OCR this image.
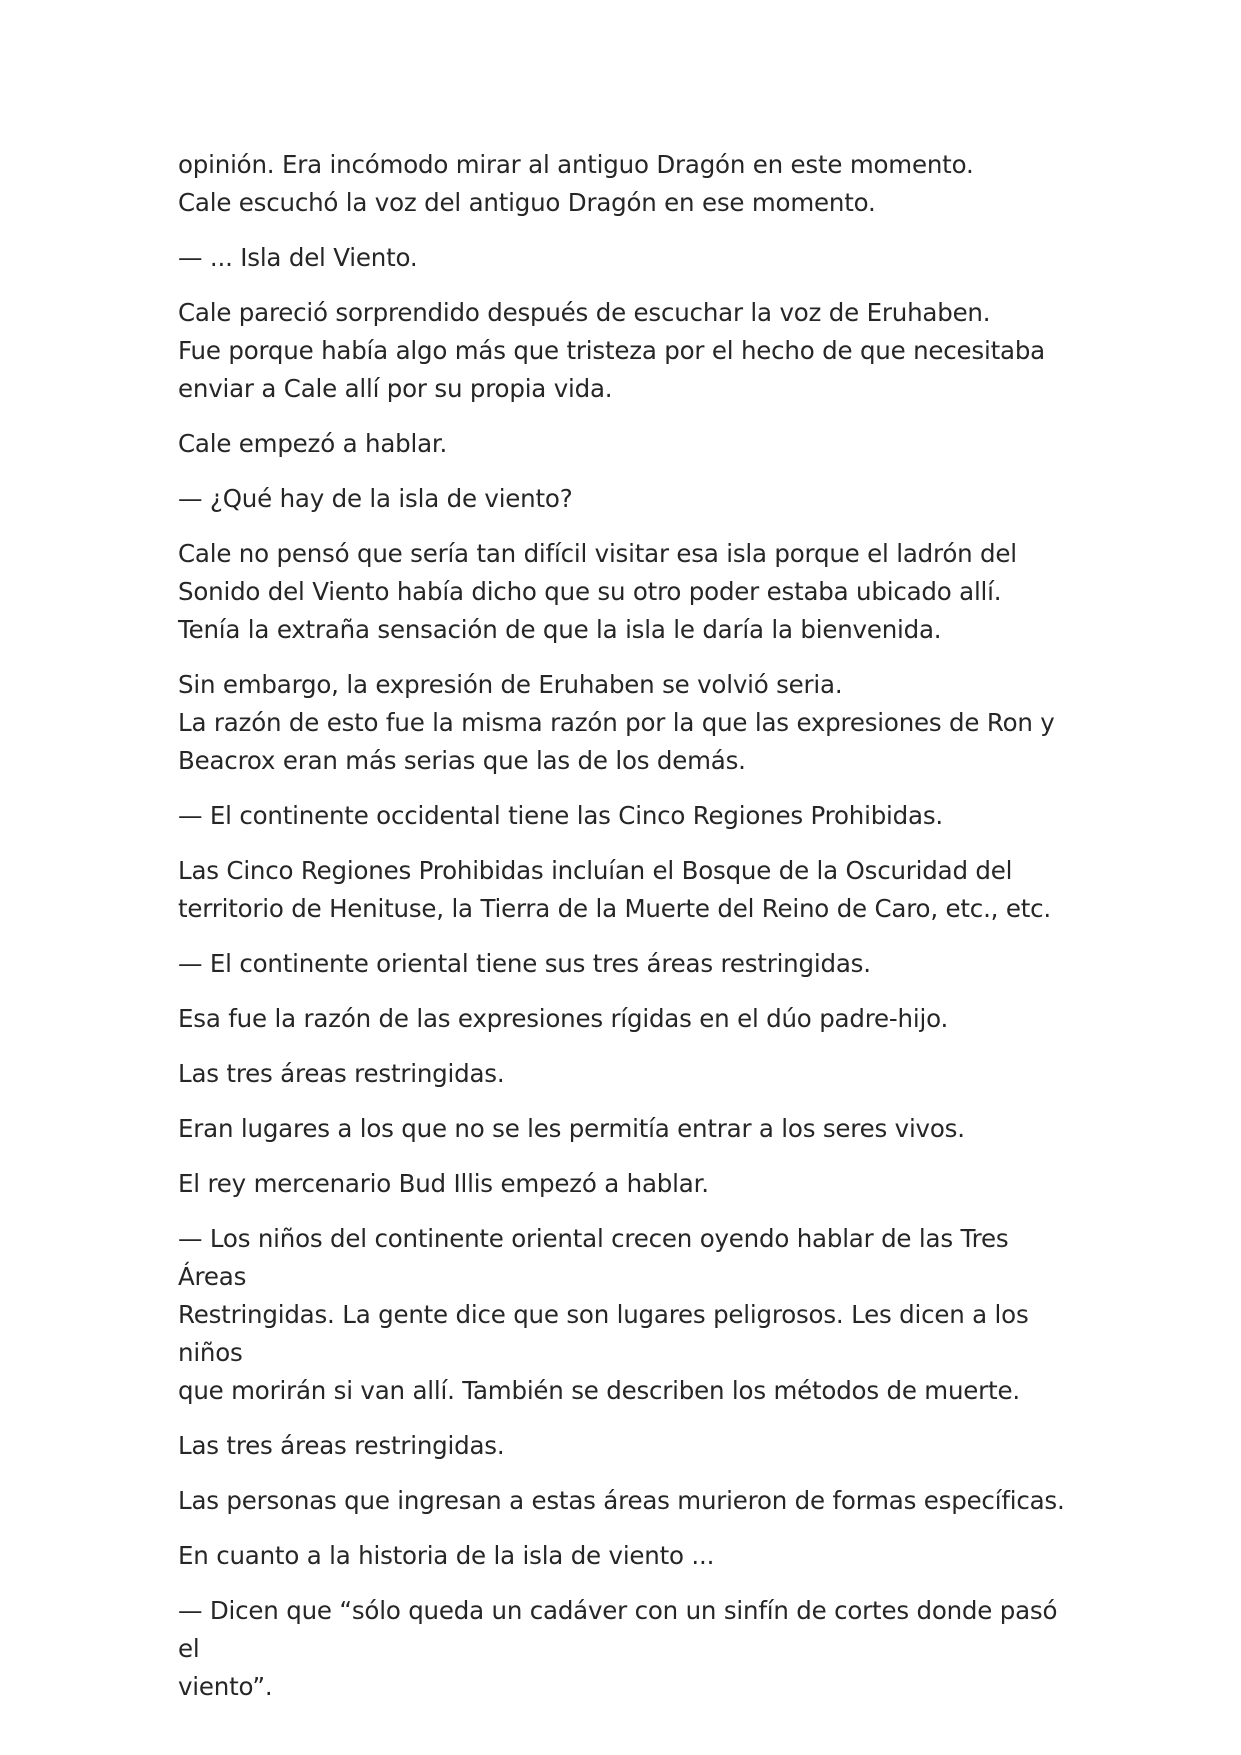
opinión. Era incómodo mirar al antiguo Dragón en este momento.
Cale escuchó la voz del antiguo Dragón en ese momento.
— ... Isla del Viento.
Cale pareció sorprendido después de escuchar la voz de Eruhaben.
Fue porque había algo más que tristeza por el hecho de que necesitaba
enviar a Cale allí por su propia vida.
Cale empezó a hablar.
— ¿Qué hay de la isla de viento?
Cale no pensó que sería tan difícil visitar esa isla porque el ladrón del
Sonido del Viento había dicho que su otro poder estaba ubicado allí.
Tenía la extraña sensación de que la isla le daría la bienvenida.
Sin embargo, la expresión de Eruhaben se volvió seria.
La razón de esto fue la misma razón por la que las expresiones de Ron y
Beacrox eran más serias que las de los demás.
— El continente occidental tiene las Cinco Regiones Prohibidas.
Las Cinco Regiones Prohibidas incluían el Bosque de la Oscuridad del
territorio de Henituse, la Tierra de la Muerte del Reino de Caro, etc., etc.
— El continente oriental tiene sus tres áreas restringidas.
Esa fue la razón de las expresiones rígidas en el dúo padre-hijo.
Las tres áreas restringidas.
Eran lugares a los que no se les permitía entrar a los seres vivos.
El rey mercenario Bud Illis empezó a hablar.
— Los niños del continente oriental crecen oyendo hablar de las Tres Áreas
Restringidas. La gente dice que son lugares peligrosos. Les dicen a los niños
que morirán si van allí. También se describen los métodos de muerte.
Las tres áreas restringidas.
Las personas que ingresan a estas áreas murieron de formas específicas.
En cuanto a la historia de la isla de viento ...
— Dicen que “sólo queda un cadáver con un sinfín de cortes donde pasó el
viento”.
